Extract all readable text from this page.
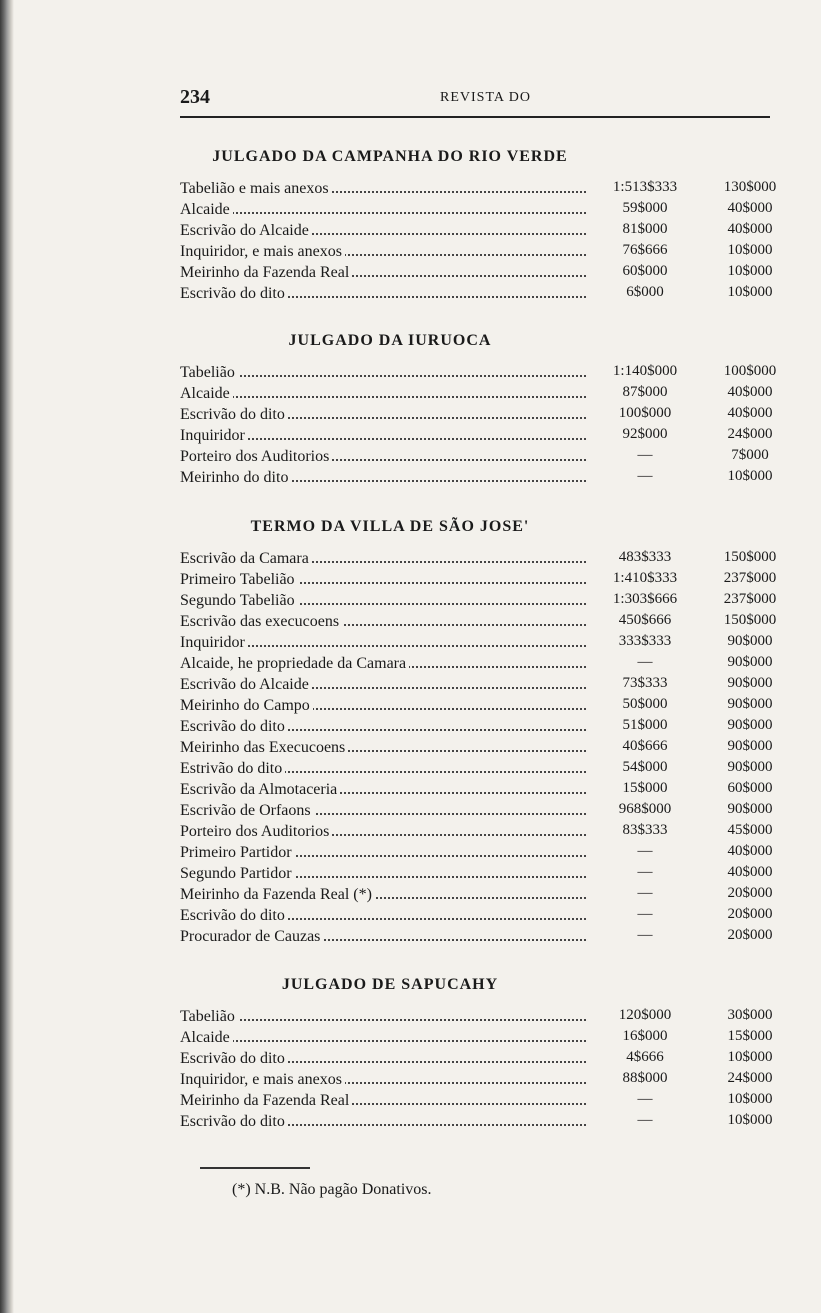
234	REVISTA DO
JULGADO DA CAMPANHA DO RIO VERDE
Tabelião e mais anexos	1:513$333	130$000
Alcaide	59$000	40$000
Escrivão do Alcaide	81$000	40$000
Inquiridor, e mais anexos	76$666	10$000
Meirinho da Fazenda Real	60$000	10$000
Escrivão do dito	6$000	10$000
JULGADO DA IURUOCA
Tabelião	1:140$000	100$000
Alcaide	87$000	40$000
Escrivão do dito	100$000	40$000
Inquiridor	92$000	24$000
Porteiro dos Auditorios	—	7$000
Meirinho do dito	—	10$000
TERMO DA VILLA DE SÃO JOSE'
Escrivão da Camara	483$333	150$000
Primeiro Tabelião	1:410$333	237$000
Segundo Tabelião	1:303$666	237$000
Escrivão das execucoens	450$666	150$000
Inquiridor	333$333	90$000
Alcaide, he propriedade da Camara	—	90$000
Escrivão do Alcaide	73$333	90$000
Meirinho do Campo	50$000	90$000
Escrivão do dito	51$000	90$000
Meirinho das Execucoens	40$666	90$000
Estrivão do dito	54$000	90$000
Escrivão da Almotaceria	15$000	60$000
Escrivão de Orfaons	968$000	90$000
Porteiro dos Auditorios	83$333	45$000
Primeiro Partidor	—	40$000
Segundo Partidor	—	40$000
Meirinho da Fazenda Real (*)	—	20$000
Escrivão do dito	—	20$000
Procurador de Cauzas	—	20$000
JULGADO DE SAPUCAHY
Tabelião	120$000	30$000
Alcaide	16$000	15$000
Escrivão do dito	4$666	10$000
Inquiridor, e mais anexos	88$000	24$000
Meirinho da Fazenda Real	—	10$000
Escrivão do dito	—	10$000
(*) N.B. Não pagão Donativos.
